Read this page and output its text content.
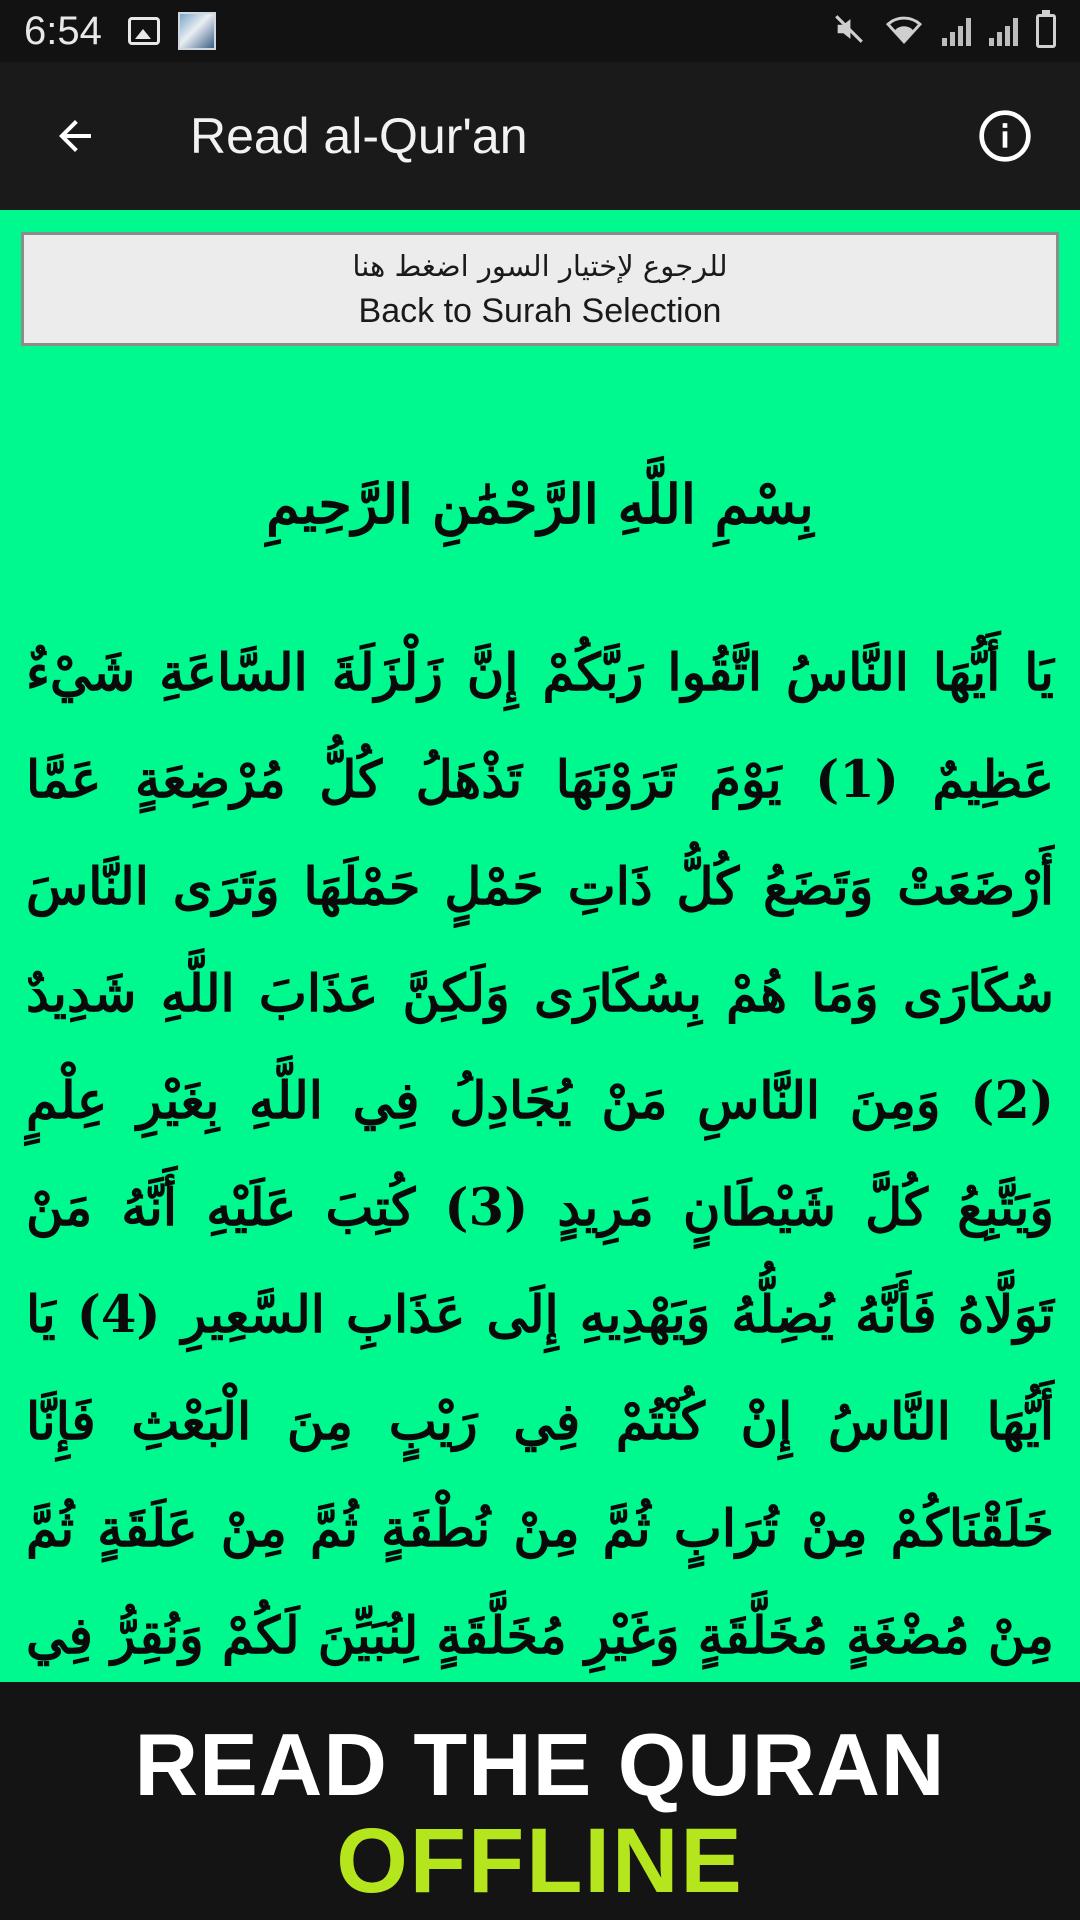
6:54
Read al-Qur'an
للرجوع لإختيار السور اضغط هنا
Back to Surah Selection
بِسْمِ اللَّهِ الرَّحْمَٰنِ الرَّحِيمِ
يَا أَيُّهَا النَّاسُ اتَّقُوا رَبَّكُمْ إِنَّ زَلْزَلَةَ السَّاعَةِ شَيْءٌ عَظِيمٌ (1) يَوْمَ تَرَوْنَهَا تَذْهَلُ كُلُّ مُرْضِعَةٍ عَمَّا أَرْضَعَتْ وَتَضَعُ كُلُّ ذَاتِ حَمْلٍ حَمْلَهَا وَتَرَى النَّاسَ سُكَارَى وَمَا هُمْ بِسُكَارَى وَلَكِنَّ عَذَابَ اللَّهِ شَدِيدٌ (2) وَمِنَ النَّاسِ مَنْ يُجَادِلُ فِي اللَّهِ بِغَيْرِ عِلْمٍ وَيَتَّبِعُ كُلَّ شَيْطَانٍ مَرِيدٍ (3) كُتِبَ عَلَيْهِ أَنَّهُ مَنْ تَوَلَّاهُ فَأَنَّهُ يُضِلُّهُ وَيَهْدِيهِ إِلَى عَذَابِ السَّعِيرِ (4) يَا أَيُّهَا النَّاسُ إِنْ كُنْتُمْ فِي رَيْبٍ مِنَ الْبَعْثِ فَإِنَّا خَلَقْنَاكُمْ مِنْ تُرَابٍ ثُمَّ مِنْ نُطْفَةٍ ثُمَّ مِنْ عَلَقَةٍ ثُمَّ مِنْ مُضْغَةٍ مُخَلَّقَةٍ وَغَيْرِ مُخَلَّقَةٍ لِنُبَيِّنَ لَكُمْ وَنُقِرُّ فِي
READ THE QURAN
OFFLINE
